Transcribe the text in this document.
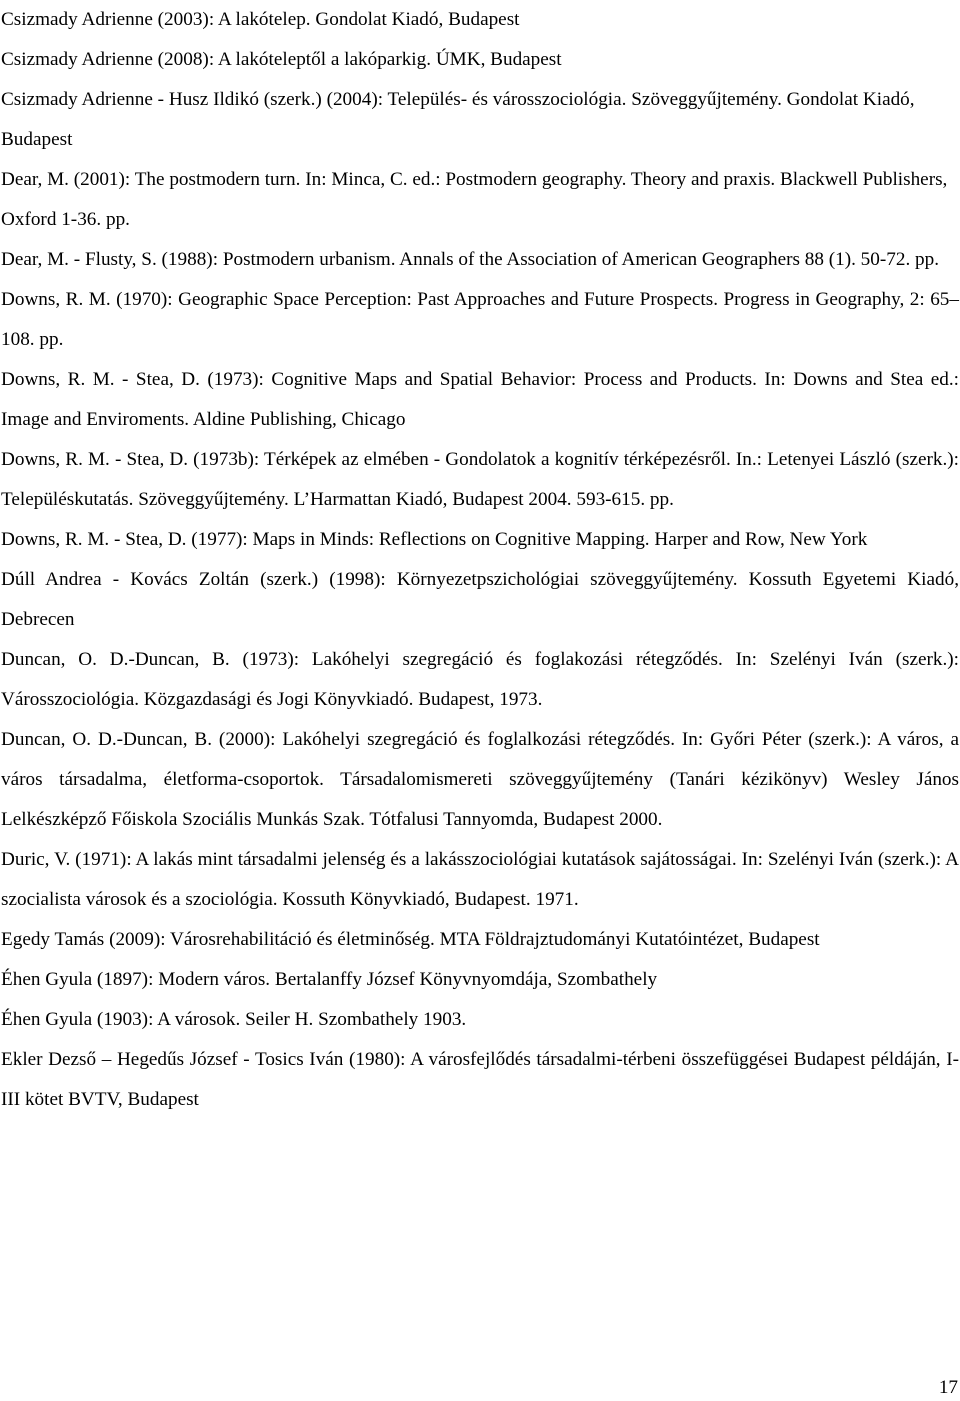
Csizmady Adrienne (2003): A lakótelep. Gondolat Kiadó, Budapest

Csizmady Adrienne (2008): A lakóteleptől a lakóparkig. ÚMK, Budapest

Csizmady Adrienne - Husz Ildikó (szerk.) (2004): Település- és városszociológia. Szöveggyűjtemény. Gondolat Kiadó, Budapest

Dear, M. (2001): The postmodern turn. In: Minca, C. ed.: Postmodern geography. Theory and praxis. Blackwell Publishers, Oxford 1-36. pp.

Dear, M. - Flusty, S. (1988): Postmodern urbanism. Annals of the Association of American Geographers 88 (1). 50-72. pp.

Downs, R. M. (1970): Geographic Space Perception: Past Approaches and Future Prospects. Progress in Geography, 2: 65–108. pp.

Downs, R. M. - Stea, D. (1973): Cognitive Maps and Spatial Behavior: Process and Products. In: Downs and Stea ed.: Image and Enviroments. Aldine Publishing, Chicago

Downs, R. M. - Stea, D. (1973b): Térképek az elmében - Gondolatok a kognitív térképezésről. In.: Letenyei László (szerk.): Településkutatás. Szöveggyűjtemény. L’Harmattan Kiadó, Budapest 2004. 593-615. pp.

Downs, R. M. - Stea, D. (1977): Maps in Minds: Reflections on Cognitive Mapping. Harper and Row, New York

Dúll Andrea - Kovács Zoltán (szerk.) (1998): Környezetpszichológiai szöveggyűjtemény. Kossuth Egyetemi Kiadó, Debrecen

Duncan, O. D.-Duncan, B. (1973): Lakóhelyi szegregáció és foglakozási rétegződés. In: Szelényi Iván (szerk.): Városszociológia. Közgazdasági és Jogi Könyvkiadó. Budapest, 1973.

Duncan, O. D.-Duncan, B. (2000): Lakóhelyi szegregáció és foglalkozási rétegződés. In: Győri Péter (szerk.): A város, a város társadalma, életforma-csoportok. Társadalomismereti szöveggyűjtemény (Tanári kézikönyv) Wesley János Lelkészképző Főiskola Szociális Munkás Szak. Tótfalusi Tannyomda, Budapest 2000.

Duric, V. (1971): A lakás mint társadalmi jelenség és a lakásszociológiai kutatások sajátosságai. In: Szelényi Iván (szerk.): A szocialista városok és a szociológia. Kossuth Könyvkiadó, Budapest. 1971.

Egedy Tamás (2009): Városrehabilitáció és életminőség. MTA Földrajztudományi Kutatóintézet, Budapest

Éhen Gyula (1897): Modern város. Bertalanffy József Könyvnyomdája, Szombathely

Éhen Gyula (1903): A városok. Seiler H. Szombathely 1903.

Ekler Dezső – Hegedűs József - Tosics Iván (1980): A városfejlődés társadalmi-térbeni összefüggései Budapest példáján, I-III kötet BVTV, Budapest

17
